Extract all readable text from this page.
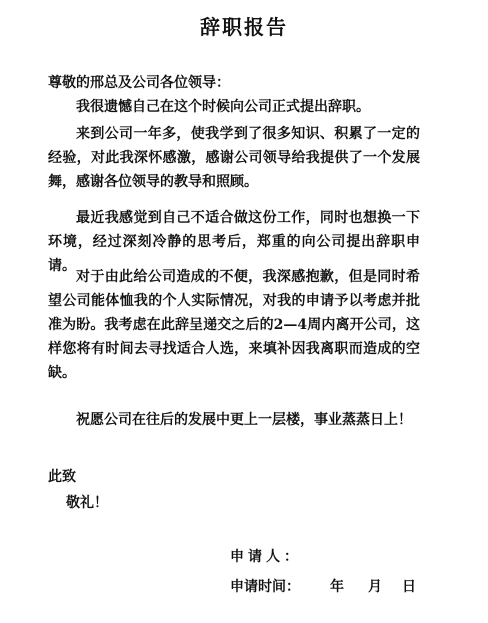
辞职报告
尊敬的邢总及公司各位领导：
我很遗憾自己在这个时候向公司正式提出辞职。
来到公司一年多，使我学到了很多知识、积累了一定的经验，对此我深怀感激，感谢公司领导给我提供了一个发展舞，感谢各位领导的教导和照顾。
最近我感觉到自己不适合做这份工作，同时也想换一下环境，经过深刻冷静的思考后，郑重的向公司提出辞职申请。
对于由此给公司造成的不便，我深感抱歉，但是同时希望公司能体恤我的个人实际情况，对我的申请予以考虑并批准为盼。我考虑在此辞呈递交之后的2—4周内离开公司，这样您将有时间去寻找适合人选，来填补因我离职而造成的空缺。
祝愿公司在往后的发展中更上一层楼，事业蒸蒸日上！
此致
敬礼！
申请人：
申请时间： 年 月 日
